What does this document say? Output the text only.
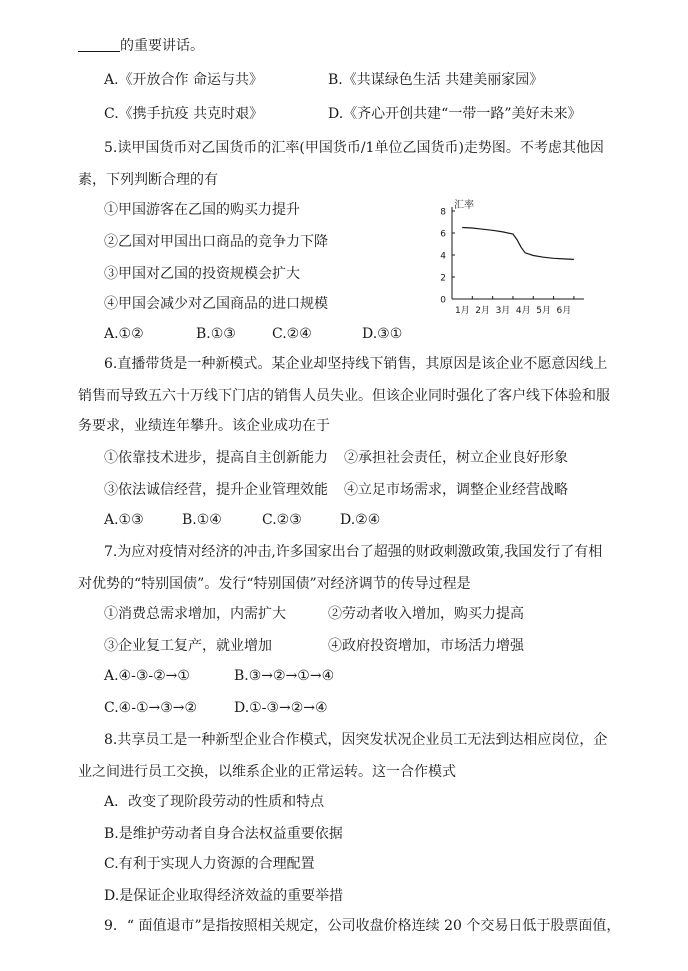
的重要讲话。
A.《开放合作 命运与共》	B.《共谋绿色生活 共建美丽家园》
C.《携手抗疫 共克时艰》	D.《齐心开创共建“一带一路”美好未来》
5.读甲国货币对乙国货币的汇率(甲国货币/1单位乙国货币)走势图。不考虑其他因
素，下列判断合理的有
①甲国游客在乙国的购买力提升
②乙国对甲国出口商品的竞争力下降
③甲国对乙国的投资规模会扩大
④甲国会减少对乙国商品的进口规模
A.①②	B.①③	C.②④	D.③①
8
6
4
2
0
1月 2月 3月 4月 5月 6月
汇率
6.直播带货是一种新模式。某企业却坚持线下销售，其原因是该企业不愿意因线上
销售而导致五六十万线下门店的销售人员失业。但该企业同时强化了客户线下体验和服
务要求，业绩连年攀升。该企业成功在于
①依靠技术进步，提高自主创新能力 ②承担社会责任，树立企业良好形象
③依法诚信经营，提升企业管理效能 ④立足市场需求，调整企业经营战略
A.①③	B.①④	C.②③	D.②④
7.为应对疫情对经济的冲击,许多国家出台了超强的财政刺激政策,我国发行了有相
对优势的“特别国债”。发行“特别国债”对经济调节的传导过程是
①消费总需求增加，内需扩大	②劳动者收入增加，购买力提高
③企业复工复产，就业增加	④政府投资增加，市场活力增强
A.④-③-②→①	B.③→②→①→④
C.④-①→③→②	D.①-③→②→④
8.共享员工是一种新型企业合作模式，因突发状况企业员工无法到达相应岗位，企
业之间进行员工交换，以维系企业的正常运转。这一合作模式
A．改变了现阶段劳动的性质和特点
B.是维护劳动者自身合法权益重要依据
C.有利于实现人力资源的合理配置
D.是保证企业取得经济效益的重要举措
9．“ 面值退市”是指按照相关规定，公司收盘价格连续 20 个交易日低于股票面值，
